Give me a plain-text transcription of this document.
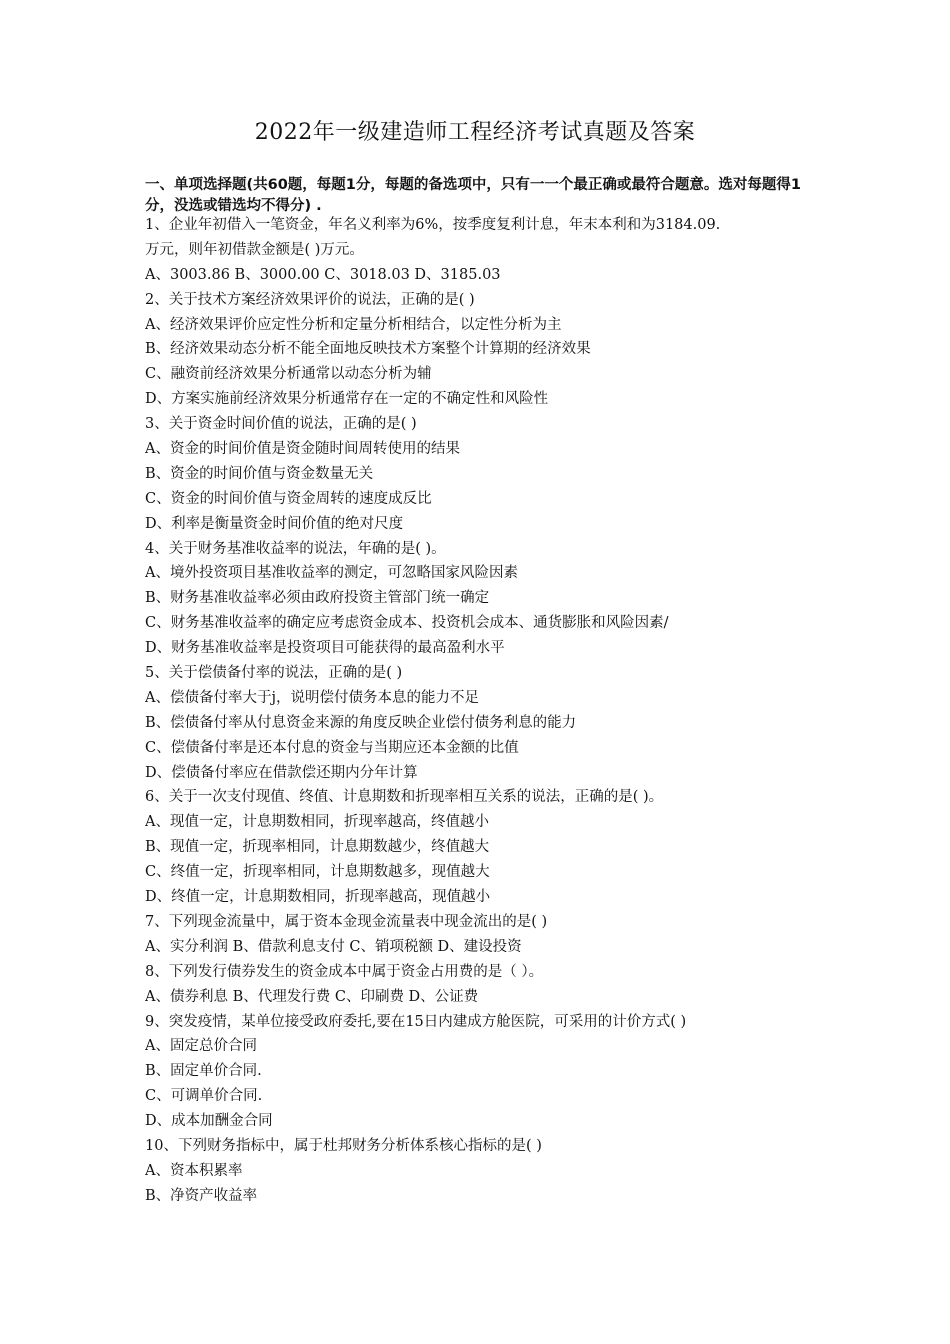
2022年一级建造师工程经济考试真题及答案
一、单项选择题(共60题，每题1分，每题的备选项中，只有一一个最正确或最符合题意。选对每题得1分，没选或错选均不得分) .
1、企业年初借入一笔资金，年名义利率为6%，按季度复利计息，年末本利和为3184.09.
万元，则年初借款金额是( )万元。
A、3003.86 B、3000.00 C、3018.03 D、3185.03
2、关于技术方案经济效果评价的说法，正确的是( )
A、经济效果评价应定性分析和定量分析相结合，以定性分析为主
B、经济效果动态分析不能全面地反映技术方案整个计算期的经济效果
C、融资前经济效果分析通常以动态分析为辅
D、方案实施前经济效果分析通常存在一定的不确定性和风险性
3、关于资金时间价值的说法，正确的是( )
A、资金的时间价值是资金随时间周转使用的结果
B、资金的时间价值与资金数量无关
C、资金的时间价值与资金周转的速度成反比
D、利率是衡量资金时间价值的绝对尺度
4、关于财务基准收益率的说法，年确的是( )。
A、境外投资项目基准收益率的测定，可忽略国家风险因素
B、财务基准收益率必须由政府投资主管部门统一确定
C、财务基准收益率的确定应考虑资金成本、投资机会成本、通货膨胀和风险因素/
D、财务基准收益率是投资项目可能获得的最高盈利水平
5、关于偿债备付率的说法，正确的是( )
A、偿债备付率大于j，说明偿付债务本息的能力不足
B、偿债备付率从付息资金来源的角度反映企业偿付债务利息的能力
C、偿债备付率是还本付息的资金与当期应还本金额的比值
D、偿债备付率应在借款偿还期内分年计算
6、关于一次支付现值、终值、计息期数和折现率相互关系的说法，正确的是( )。
A、现值一定，计息期数相同，折现率越高，终值越小
B、现值一定，折现率相同，计息期数越少，终值越大
C、终值一定，折现率相同，计息期数越多，现值越大
D、终值一定，计息期数相同，折现率越高，现值越小
7、下列现金流量中，属于资本金现金流量表中现金流出的是( )
A、实分利润 B、借款利息支付 C、销项税额 D、建设投资
8、下列发行债券发生的资金成本中属于资金占用费的是（ ）。
A、债券利息 B、代理发行费 C、印刷费 D、公证费
9、突发疫情，某单位接受政府委托,要在15日内建成方舱医院，可采用的计价方式( )
A、固定总价合同
B、固定单价合同.
C、可调单价合同.
D、成本加酬金合同
10、下列财务指标中，属于杜邦财务分析体系核心指标的是( )
A、资本积累率
B、净资产收益率
